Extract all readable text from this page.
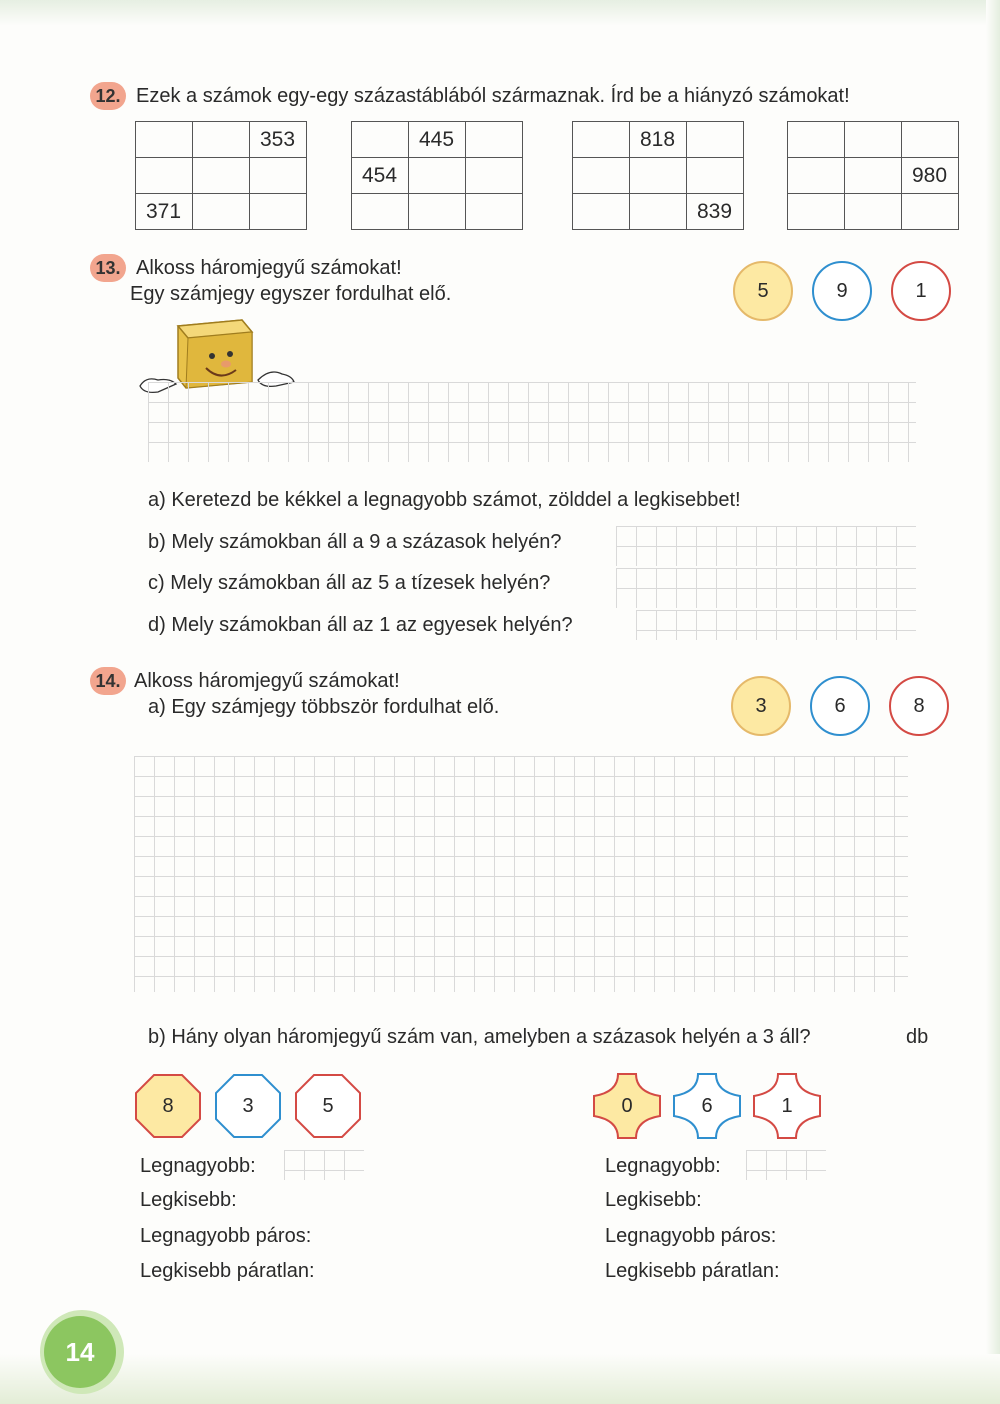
12. Ezek a számok egy-egy százastáblából származnak. Írd be a hiányzó számokat!
		353

371		
	445	
454		

	818	

		839

		980

13. Alkoss háromjegyű számokat!
Egy számjegy egyszer fordulhat elő.	5	9	1
a) Keretezd be kékkel a legnagyobb számot, zölddel a legkisebbet!
b) Mely számokban áll a 9 a százasok helyén?
c) Mely számokban áll az 5 a tízesek helyén?
d) Mely számokban áll az 1 az egyesek helyén?
14. Alkoss háromjegyű számokat!
a) Egy számjegy többször fordulhat elő.	3	6	8
b) Hány olyan háromjegyű szám van, amelyben a százasok helyén a 3 áll?	db
8	3	5	0	6	1
Legnagyobb:
Legkisebb:
Legnagyobb páros:
Legkisebb páratlan:
Legnagyobb:
Legkisebb:
Legnagyobb páros:
Legkisebb páratlan:
14
